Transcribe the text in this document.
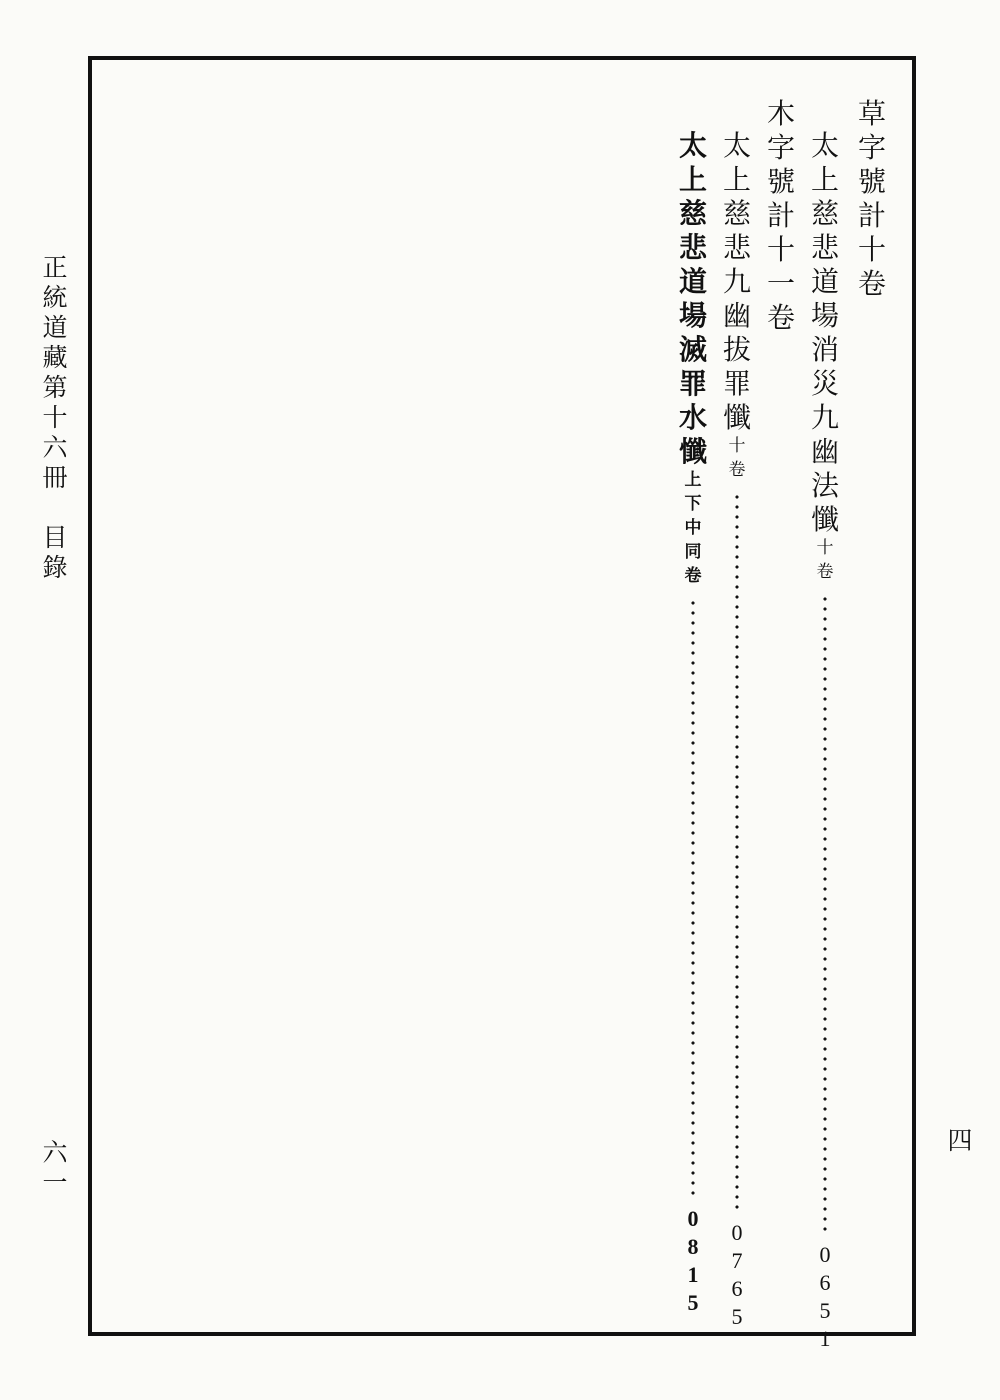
正
統
道
藏
第
十
六
冊
目
錄
六
一
四
草
字
號
計
十
卷
太
上
慈
悲
道
場
消
災
九
幽
法
懺
十
卷
0
6
5
1
木
字
號
計
十
一
卷
太
上
慈
悲
九
幽
拔
罪
懺
十
卷
0
7
6
5
太
上
慈
悲
道
場
滅
罪
水
懺
上
下
中
同
卷
0
8
1
5
